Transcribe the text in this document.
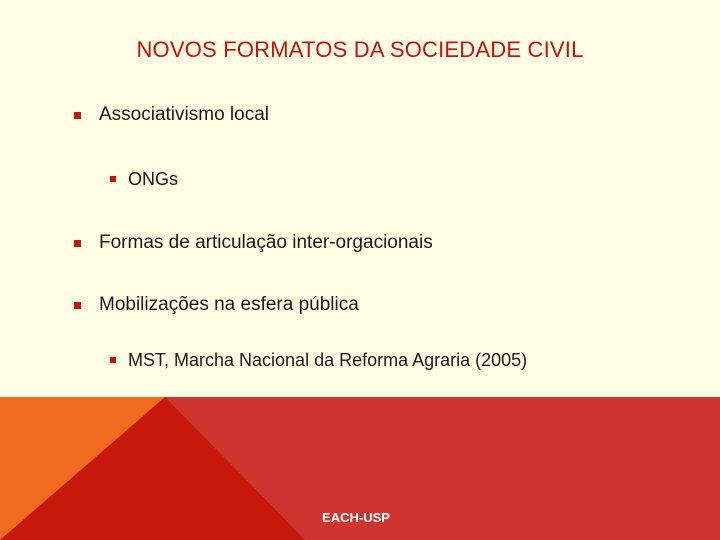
NOVOS FORMATOS DA SOCIEDADE CIVIL
Associativismo local
ONGs
Formas de articulação inter-orgacionais
Mobilizações na esfera pública
MST, Marcha Nacional da Reforma Agraria (2005)
EACH-USP
